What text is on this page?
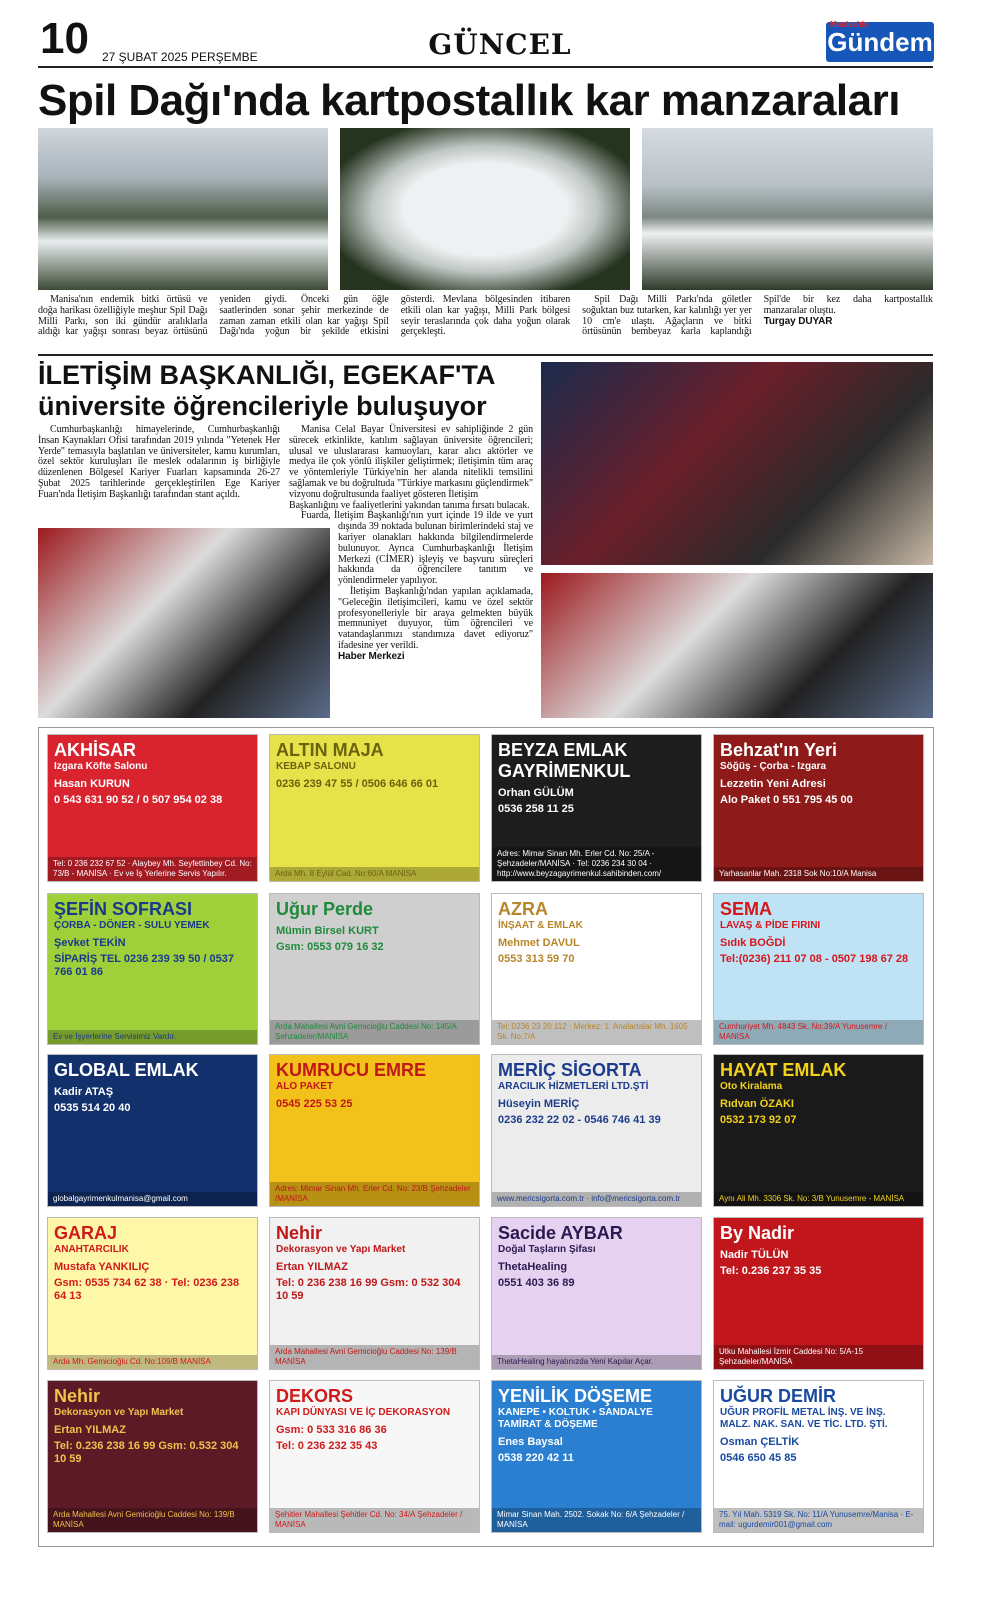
10 27 ŞUBAT 2025 PERŞEMBE	GÜNCEL
Manisa'da
Gündem
Spil Dağı'nda kartpostallık kar manzaraları

Manisa'nın endemik bitki örtüsü ve doğa harikası özelliğiyle meşhur Spil Dağı Milli Parkı, son iki gündür aralıklarla aldığı kar yağışı sonrası beyaz örtüsünü yeniden giydi. Önceki gün öğle saatlerinden sonar şehir merkezinde de zaman zaman etkili olan kar yağışı Spil Dağı'nda yoğun bir şekilde etkisini gösterdi. Mevlana bölgesinden itibaren etkili olan kar yağışı, Milli Park bölgesi seyir teraslarında çok daha yoğun olarak gerçekleşti.

Spil Dağı Milli Parkı'nda göletler soğuktan buz tutarken, kar kalınlığı yer yer 10 cm'e ulaştı. Ağaçların ve bitki örtüsünün bembeyaz karla kaplandığı Spil'de bir kez daha kartpostallık manzaralar oluştu.

Turgay DUYAR
İLETİŞİM BAŞKANLIĞI, EGEKAF'TA
üniversite öğrencileriyle buluşuyor

Cumhurbaşkanlığı himayelerinde, Cumhurbaşkanlığı İnsan Kaynakları Ofisi tarafından 2019 yılında "Yetenek Her Yerde" temasıyla başlatılan ve üniversiteler, kamu kurumları, özel sektör kuruluşları ile meslek odalarının iş birliğiyle düzenlenen Bölgesel Kariyer Fuarları kapsamında 26-27 Şubat 2025 tarihlerinde gerçekleştirilen Ege Kariyer Fuarı'nda İletişim Başkanlığı tarafından stant açıldı.

Manisa Celal Bayar Üniversitesi ev sahipliğinde 2 gün sürecek etkinlikte, katılım sağlayan üniversite öğrencileri; ulusal ve uluslararası kamuoyları, karar alıcı aktörler ve medya ile çok yönlü ilişkiler geliştirmek; iletişimin tüm araç ve yöntemleriyle Türkiye'nin her alanda nitelikli temsilini sağlamak ve bu doğrultuda "Türkiye markasını güçlendirmek" vizyonu doğrultusunda faaliyet gösteren İletişim

Başkanlığını ve faaliyetlerini yakından tanıma fırsatı bulacak.

Fuarda, İletişim Başkanlığı'nın yurt içinde 19 ilde ve yurt dışında 39 noktada bulunan birimlerindeki staj ve kariyer olanakları hakkında bilgilendirmelerde bulunuyor. Ayrıca Cumhurbaşkanlığı İletişim Merkezi (CİMER) işleyiş ve başvuru süreçleri hakkında da öğrencilere tanıtım ve yönlendirmeler yapılıyor.

İletişim Başkanlığı'ndan yapılan açıklamada, "Geleceğin iletişimcileri, kamu ve özel sektör profesyonelleriyle bir araya gelmekten büyük memnuniyet duyuyor, tüm öğrencileri ve vatandaşlarımızı standımıza davet ediyoruz" ifadesine yer verildi.

Haber Merkezi
AKHİSAR
Izgara Köfte Salonu
Hasan KURUN
0 543 631 90 52 / 0 507 954 02 38
Tel: 0 236 232 67 52 · Alaybey Mh. Seyfettinbey Cd. No: 73/B - MANİSA · Ev ve İş Yerlerine Servis Yapılır.
ALTIN MAJA
KEBAP SALONU
0236 239 47 55 / 0506 646 66 01
Arda Mh. 8 Eylül Cad. No:60/A MANİSA
BEYZA EMLAK GAYRİMENKUL
Orhan GÜLÜM
0536 258 11 25
Adres: Mimar Sinan Mh. Erler Cd. No: 25/A - Şehzadeler/MANİSA · Tel: 0236 234 30 04 · http://www.beyzagayrimenkul.sahibinden.com/
Behzat'ın Yeri
Söğüş - Çorba - Izgara
Lezzetin Yeni Adresi
Alo Paket 0 551 795 45 00
Yarhasanlar Mah. 2318 Sok No:10/A Manisa
ŞEFİN SOFRASI
ÇORBA - DÖNER - SULU YEMEK
Şevket TEKİN
SİPARİŞ TEL 0236 239 39 50 / 0537 766 01 86
Ev ve İşyerlerine Servisimiz Vardır.
Uğur Perde
Mümin Birsel KURT
Gsm: 0553 079 16 32
Arda Mahallesi Avni Gemicioğlu Caddesi No: 145/A Şehzadeler/MANİSA
AZRA
İNŞAAT & EMLAK
Mehmet DAVUL
0553 313 59 70
Tel: 0236 23 20 112 · Merkez: 1. Anafartalar Mh. 1605 Sk. No:7/A
SEMA
LAVAŞ & PİDE FIRINI
Sıdık BOĞDİ
Tel:(0236) 211 07 08 - 0507 198 67 28
Cumhuriyet Mh. 4843 Sk. No:39/A Yunusemre / MANİSA
GLOBAL EMLAK
Kadir ATAŞ
0535 514 20 40
globalgayrimenkulmanisa@gmail.com
KUMRUCU EMRE
ALO PAKET
0545 225 53 25
Adres: Mimar Sinan Mh. Erler Cd. No: 23/B Şehzadeler /MANİSA
MERİÇ SİGORTA
ARACILIK HİZMETLERİ LTD.ŞTİ
Hüseyin MERİÇ
0236 232 22 02 - 0546 746 41 39
www.mericsigorta.com.tr · info@mericsigorta.com.tr
HAYAT EMLAK
Oto Kiralama
Rıdvan ÖZAKI
0532 173 92 07
Aynı Ali Mh. 3306 Sk. No: 3/B Yunusemre - MANİSA
GARAJ
ANAHTARCILIK
Mustafa YANKILIÇ
Gsm: 0535 734 62 38 · Tel: 0236 238 64 13
Arda Mh. Gemicioğlu Cd. No:109/B MANİSA
Nehir
Dekorasyon ve Yapı Market
Ertan YILMAZ
Tel: 0 236 238 16 99 Gsm: 0 532 304 10 59
Arda Mahallesi Avni Gemicioğlu Caddesi No: 139/B MANİSA
Sacide AYBAR
Doğal Taşların Şifası
ThetaHealing
0551 403 36 89
ThetaHealing hayatınızda Yeni Kapılar Açar.
By Nadir
Nadir TÜLÜN
Tel: 0.236 237 35 35
Utku Mahallesi İzmir Caddesi No: 5/A-15 Şehzadeler/MANİSA
Nehir
Dekorasyon ve Yapı Market
Ertan YILMAZ
Tel: 0.236 238 16 99 Gsm: 0.532 304 10 59
Arda Mahallesi Avni Gemicioğlu Caddesi No: 139/B MANİSA
DEKORS
KAPI DÜNYASI VE İÇ DEKORASYON
Gsm: 0 533 316 86 36
Tel: 0 236 232 35 43
Şehitler Mahallesi Şehitler Cd. No: 34/A Şehzadeler / MANİSA
YENİLİK DÖŞEME
KANEPE • KOLTUK • SANDALYE TAMİRAT & DÖŞEME
Enes Baysal
0538 220 42 11
Mimar Sinan Mah. 2502. Sokak No: 6/A Şehzadeler / MANİSA
UĞUR DEMİR
UĞUR PROFİL METAL İNŞ. VE İNŞ. MALZ. NAK. SAN. VE TİC. LTD. ŞTİ.
Osman ÇELTİK
0546 650 45 85
75. Yıl Mah. 5319 Sk. No: 11/A Yunusemre/Manisa · E-mail: ugurdemir001@gmail.com
